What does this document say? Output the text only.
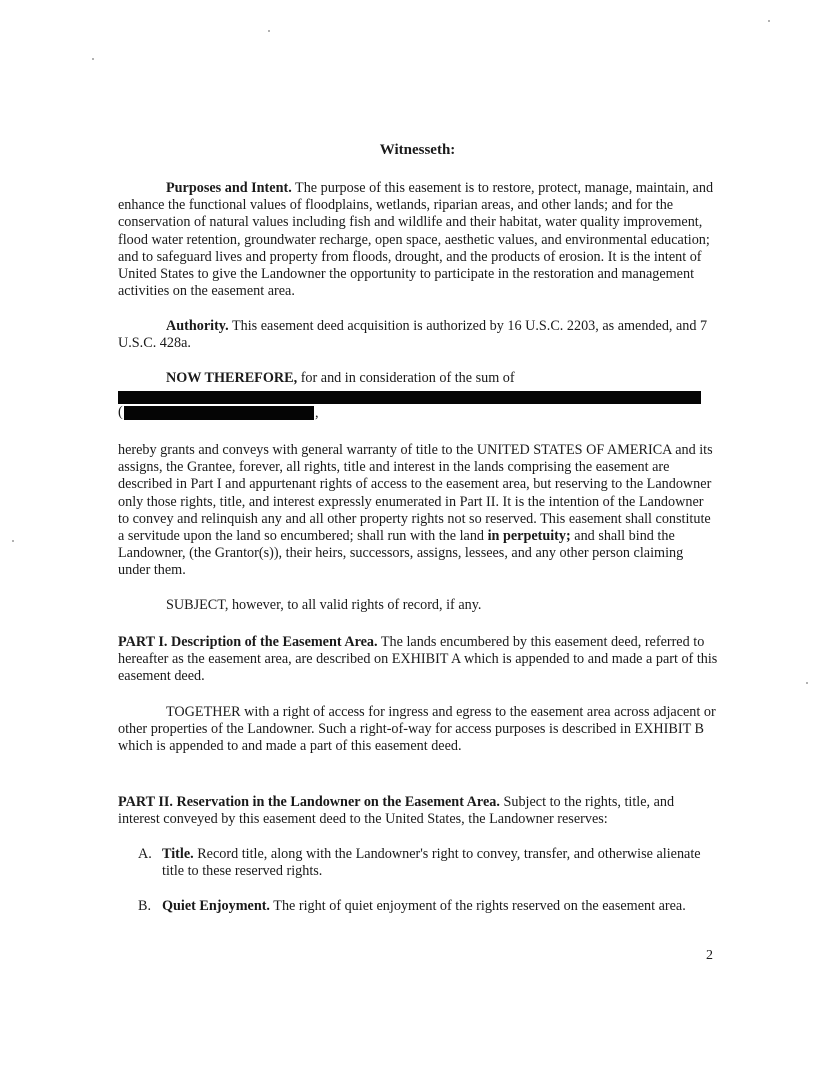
Witnesseth:
Purposes and Intent. The purpose of this easement is to restore, protect, manage, maintain, and enhance the functional values of floodplains, wetlands, riparian areas, and other lands; and for the conservation of natural values including fish and wildlife and their habitat, water quality improvement, flood water retention, groundwater recharge, open space, aesthetic values, and environmental education; and to safeguard lives and property from floods, drought, and the products of erosion. It is the intent of United States to give the Landowner the opportunity to participate in the restoration and management activities on the easement area.
Authority. This easement deed acquisition is authorized by 16 U.S.C. 2203, as amended, and 7 U.S.C. 428a.
NOW THEREFORE, for and in consideration of the sum of
(	,
hereby grants and conveys with general warranty of title to the UNITED STATES OF AMERICA and its assigns, the Grantee, forever, all rights, title and interest in the lands comprising the easement are described in Part I and appurtenant rights of access to the easement area, but reserving to the Landowner only those rights, title, and interest expressly enumerated in Part II. It is the intention of the Landowner to convey and relinquish any and all other property rights not so reserved. This easement shall constitute a servitude upon the land so encumbered; shall run with the land in perpetuity; and shall bind the Landowner, (the Grantor(s)), their heirs, successors, assigns, lessees, and any other person claiming under them.
SUBJECT, however, to all valid rights of record, if any.
PART I. Description of the Easement Area. The lands encumbered by this easement deed, referred to hereafter as the easement area, are described on EXHIBIT A which is appended to and made a part of this easement deed.
TOGETHER with a right of access for ingress and egress to the easement area across adjacent or other properties of the Landowner. Such a right-of-way for access purposes is described in EXHIBIT B which is appended to and made a part of this easement deed.
PART II. Reservation in the Landowner on the Easement Area. Subject to the rights, title, and interest conveyed by this easement deed to the United States, the Landowner reserves:
A. Title. Record title, along with the Landowner's right to convey, transfer, and otherwise alienate title to these reserved rights.
B. Quiet Enjoyment. The right of quiet enjoyment of the rights reserved on the easement area.
2
